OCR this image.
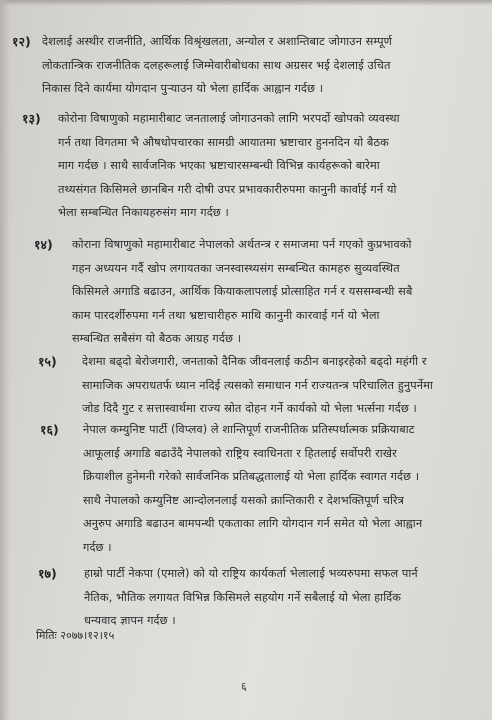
१२) देशलाई अस्थीर राजनीति, आर्थिक विश्रृंखलता, अन्योल र अशान्तिबाट जोगाउन सम्पूर्ण
लोकतान्त्रिक राजनीतिक दलहरूलाई जिम्मेवारीबोधका साथ अग्रसर भई देशलाई उचित
निकास दिने कार्यमा योगदान पुर्‍याउन यो भेला हार्दिक आह्वान गर्दछ ।
१३) कोरोना विषाणुको महामारीबाट जनतालाई जोगाउनको लागि भरपर्दो खोपको व्यवस्था
गर्न तथा विगतमा भै औषधोपचारका सामग्री आयातमा भ्रष्टाचार हुननदिन यो बैठक
माग गर्दछ । साथै सार्वजनिक भएका भ्रष्टाचारसम्बन्धी विभिन्न कार्यहरूको बारेमा
तथ्यसंगत किसिमले छानबिन गरी दोषी उपर प्रभावकारीरुपमा कानुनी कार्वाई गर्न यो
भेला सम्बन्धित निकायहरुसंग माग गर्दछ ।
१४) कोराना विषाणुको महामारीबाट नेपालको अर्थतन्त्र र समाजमा पर्न गएको कुप्रभावको
गहन अध्ययन गर्दै खोप लगायतका जनस्वास्थ्यसंग सम्बन्धित कामहरु सुव्यवस्थित
किसिमले अगाडि बढाउन, आर्थिक कियाकलापलाई प्रोत्साहित गर्न र यससम्बन्धी सबै
काम पारदर्शीरुपमा गर्न तथा भ्रष्टाचारीहरु माथि कानुनी कारवाई गर्न यो भेला
सम्बन्धित सबैसंग यो बैठक आग्रह गर्दछ ।
१५) देशमा बढ्दो बेरोजगारी, जनताको दैनिक जीवनलाई कठीन बनाइरहेको बढ्दो महंगी र
सामाजिक अपराधतर्फ ध्यान नदिई त्यसको समाधान गर्न राज्यतन्त्र परिचालित हुनुपर्नेमा
जोड दिदै गुट र सत्तास्वार्थमा राज्य स्रोत दोहन गर्ने कार्यको यो भेला भर्त्सना गर्दछ ।
१६) नेपाल कम्युनिष्ट पार्टी (विप्लव) ले शान्तिपूर्ण राजनीतिक प्रतिस्पर्धात्मक प्रक्रियाबाट
आफूलाई अगाडि बढाउँदै नेपालको राष्ट्रिय स्वाधिनता र हितलाई सर्वोपरी राखेर
क्रियाशील हुनेमनी गरेको सार्वजनिक प्रतिबद्धतालाई यो भेला हार्दिक स्वागत गर्दछ ।
साथै नेपालको कम्युनिष्ट आन्दोलनलाई यसको क्रान्तिकारी र देशभक्तिपूर्ण चरित्र
अनुरुप अगाडि बढाउन बामपन्थी एकताका लागि योगदान गर्न समेत यो भेला आह्वान
गर्दछ ।
१७) हाम्रो पार्टी नेकपा (एमाले) को यो राष्ट्रिय कार्यकर्ता भेलालाई भव्यरुपमा सफल पार्न
नैतिक, भौतिक लगायत विभिन्न किसिमले सहयोग गर्ने सबैलाई यो भेला हार्दिक
धन्यवाद ज्ञापन गर्दछ ।
मितिः २०७७।१२।१५
६
